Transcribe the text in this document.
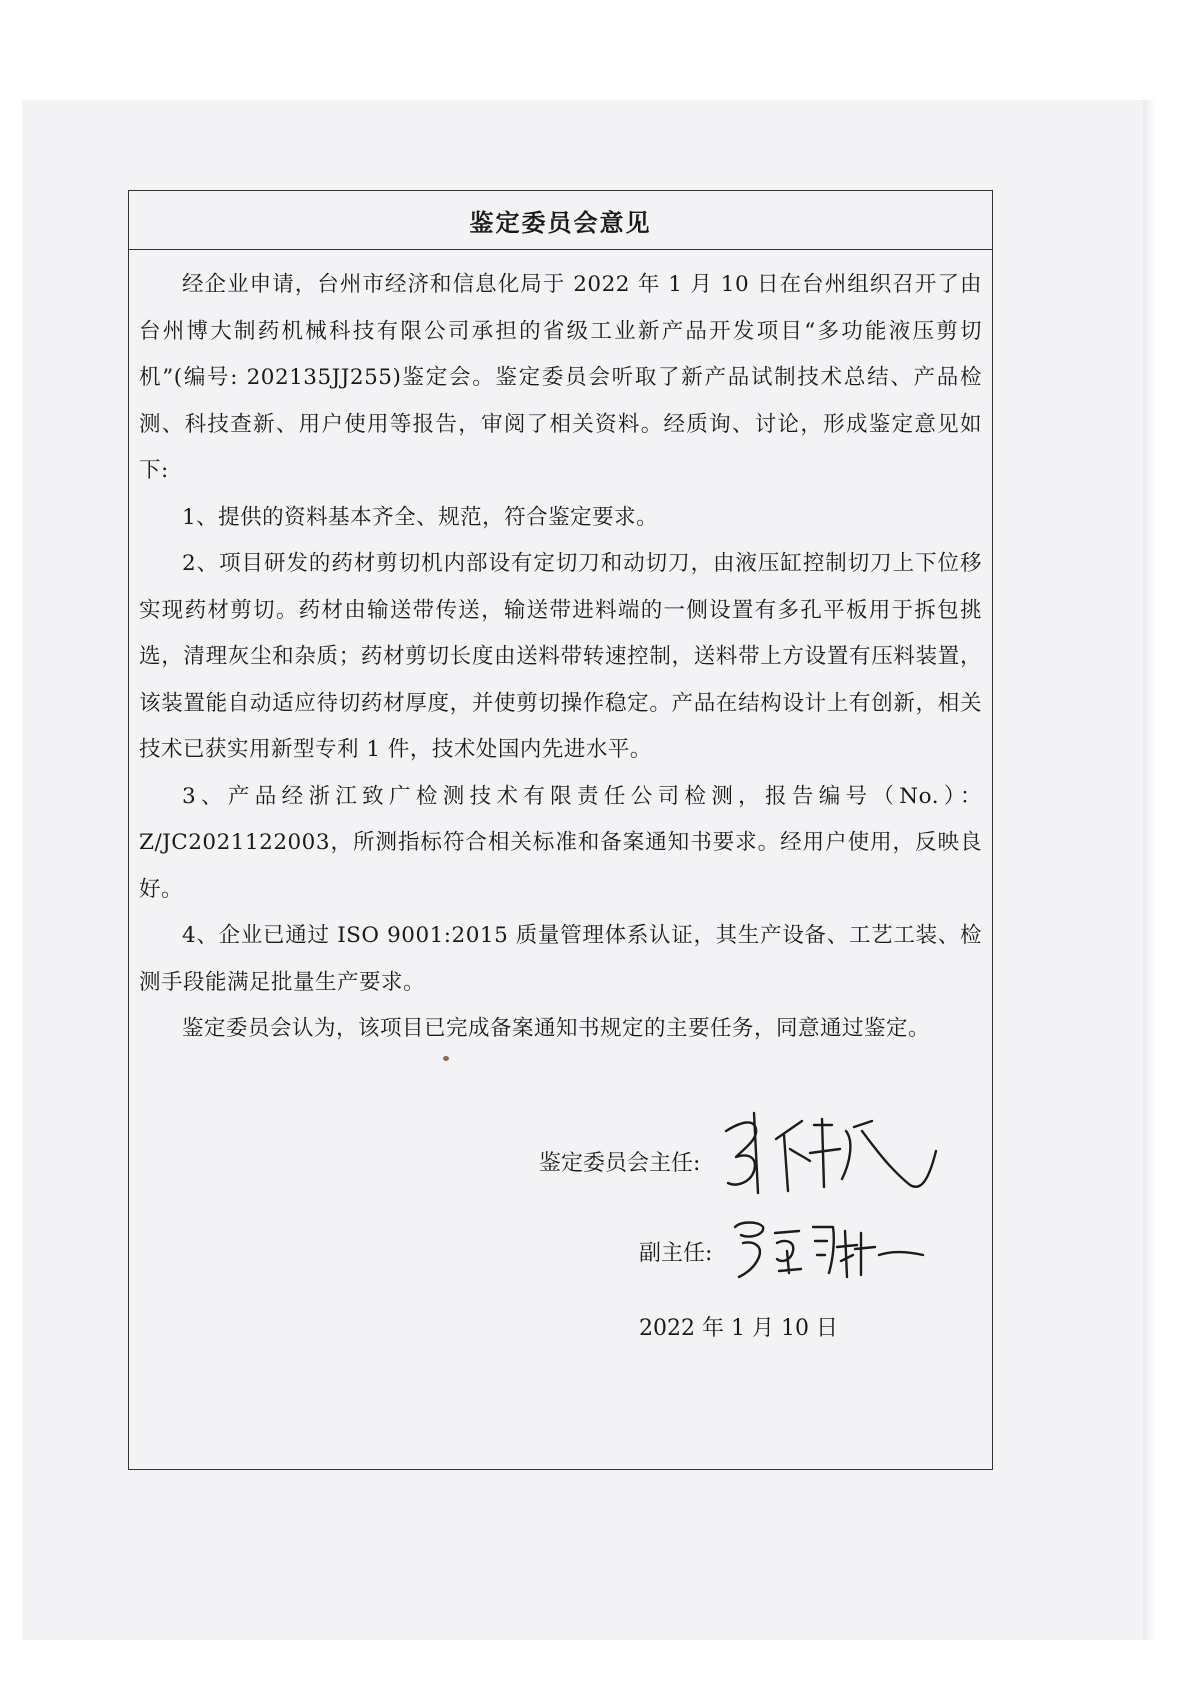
鉴定委员会意见

经企业申请，台州市经济和信息化局于 2022 年 1 月 10 日在台州组织召开了由台州博大制药机械科技有限公司承担的省级工业新产品开发项目“多功能液压剪切机”(编号: 202135JJ255)鉴定会。鉴定委员会听取了新产品试制技术总结、产品检测、科技查新、用户使用等报告，审阅了相关资料。经质询、讨论，形成鉴定意见如下:

1、提供的资料基本齐全、规范，符合鉴定要求。

2、项目研发的药材剪切机内部设有定切刀和动切刀，由液压缸控制切刀上下位移实现药材剪切。药材由输送带传送，输送带进料端的一侧设置有多孔平板用于拆包挑选，清理灰尘和杂质；药材剪切长度由送料带转速控制，送料带上方设置有压料装置，该装置能自动适应待切药材厚度，并使剪切操作稳定。产品在结构设计上有创新，相关技术已获实用新型专利 1 件，技术处国内先进水平。

3、产品经浙江致广检测技术有限责任公司检测，报告编号（No.）：Z/JC2021122003，所测指标符合相关标准和备案通知书要求。经用户使用，反映良好。

4、企业已通过 ISO 9001:2015 质量管理体系认证，其生产设备、工艺工装、检测手段能满足批量生产要求。

鉴定委员会认为，该项目已完成备案通知书规定的主要任务，同意通过鉴定。

鉴定委员会主任:
副主任:
2022 年 1 月 10 日
